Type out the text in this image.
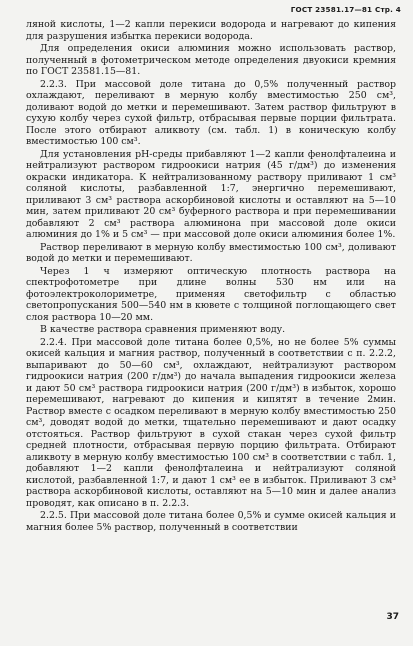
ГОСТ 23581.17—81 Стр. 4

ляной кислоты, 1—2 капли перекиси водорода и нагревают до кипения для разрушения избытка перекиси водорода.

Для определения окиси алюминия можно использовать раствор, полученный в фотометрическом методе определения двуокиси кремния по ГОСТ 23581.15—81.

2.2.3. При массовой доле титана до 0,5% полученный раствор охлаждают, переливают в мерную колбу вместимостью 250 см³, доливают водой до метки и перемешивают. Затем раствор фильтруют в сухую колбу через сухой фильтр, отбрасывая первые порции фильтрата. После этого отбирают аликвоту (см. табл. 1) в коническую колбу вместимостью 100 см³.

Для установления рН-среды прибавляют 1—2 капли фенолфталеина и нейтрализуют раствором гидроокиси натрия (45 г/дм³) до изменения окраски индикатора. К нейтрализованному раствору приливают 1 см³ соляной кислоты, разбавленной 1:7, энергично перемешивают, приливают 3 см³ раствора аскорбиновой кислоты и оставляют на 5—10 мин, затем приливают 20 см³ буферного раствора и при перемешивании добавляют 2 см³ раствора алюминона при массовой доле окиси алюминия до 1% и 5 см³ — при массовой доле окиси алюминия более 1%.

Раствор переливают в мерную колбу вместимостью 100 см³, доливают водой до метки и перемешивают.

Через 1 ч измеряют оптическую плотность раствора на спектрофотометре при длине волны 530 нм или на фотоэлектроколориметре, применяя светофильтр с областью светопропускания 500—540 нм в кювете с толщиной поглощающего свет слоя раствора 10—20 мм.

В качестве раствора сравнения применяют воду.

2.2.4. При массовой доле титана более 0,5%, но не более 5% суммы окисей кальция и магния раствор, полученный в соответствии с п. 2.2.2, выпаривают до 50—60 см³, охлаждают, нейтрализуют раствором гидроокиси натрия (200 г/дм³) до начала выпадения гидроокиси железа и дают 50 см³ раствора гидроокиси натрия (200 г/дм³) в избыток, хорошо перемешивают, нагревают до кипения и кипятят в течение 2мин. Раствор вместе с осадком переливают в мерную колбу вместимостью 250 см³, доводят водой до метки, тщательно перемешивают и дают осадку отстояться. Раствор фильтруют в сухой стакан через сухой фильтр средней плотности, отбрасывая первую порцию фильтрата. Отбирают аликвоту в мерную колбу вместимостью 100 см³ в соответствии с табл. 1, добавляют 1—2 капли фенолфталеина и нейтрализуют соляной кислотой, разбавленной 1:7, и дают 1 см³ ее в избыток. Приливают 3 см³ раствора аскорбиновой кислоты, оставляют на 5—10 мин и далее анализ проводят, как описано в п. 2.2.3.

2.2.5. При массовой доле титана более 0,5% и сумме окисей кальция и магния более 5% раствор, полученный в соответствии

37
